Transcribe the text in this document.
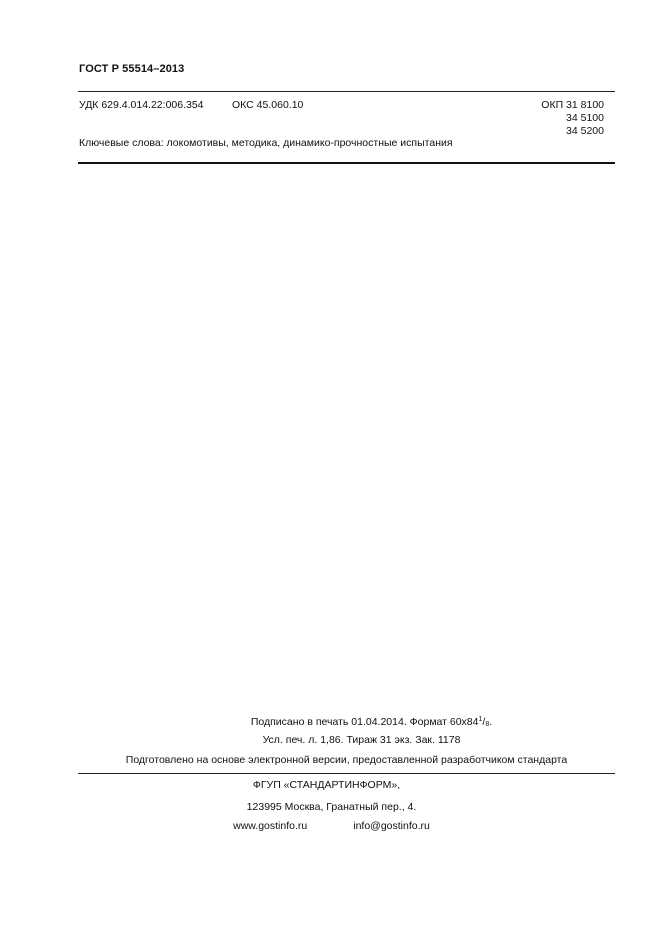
ГОСТ Р 55514–2013
УДК 629.4.014.22:006.354	ОКС 45.060.10	ОКП 31 8100
34 5100
34 5200
Ключевые слова: локомотивы, методика, динамико-прочностные испытания
Подписано в печать 01.04.2014. Формат $60х84^1/_8$.
Усл. печ. л. 1,86. Тираж 31 экз. Зак. 1178
Подготовлено на основе электронной версии, предоставленной разработчиком стандарта
ФГУП «СТАНДАРТИНФОРМ»,
123995 Москва, Гранатный пер., 4.
www.gostinfo.ru	info@gostinfo.ru
